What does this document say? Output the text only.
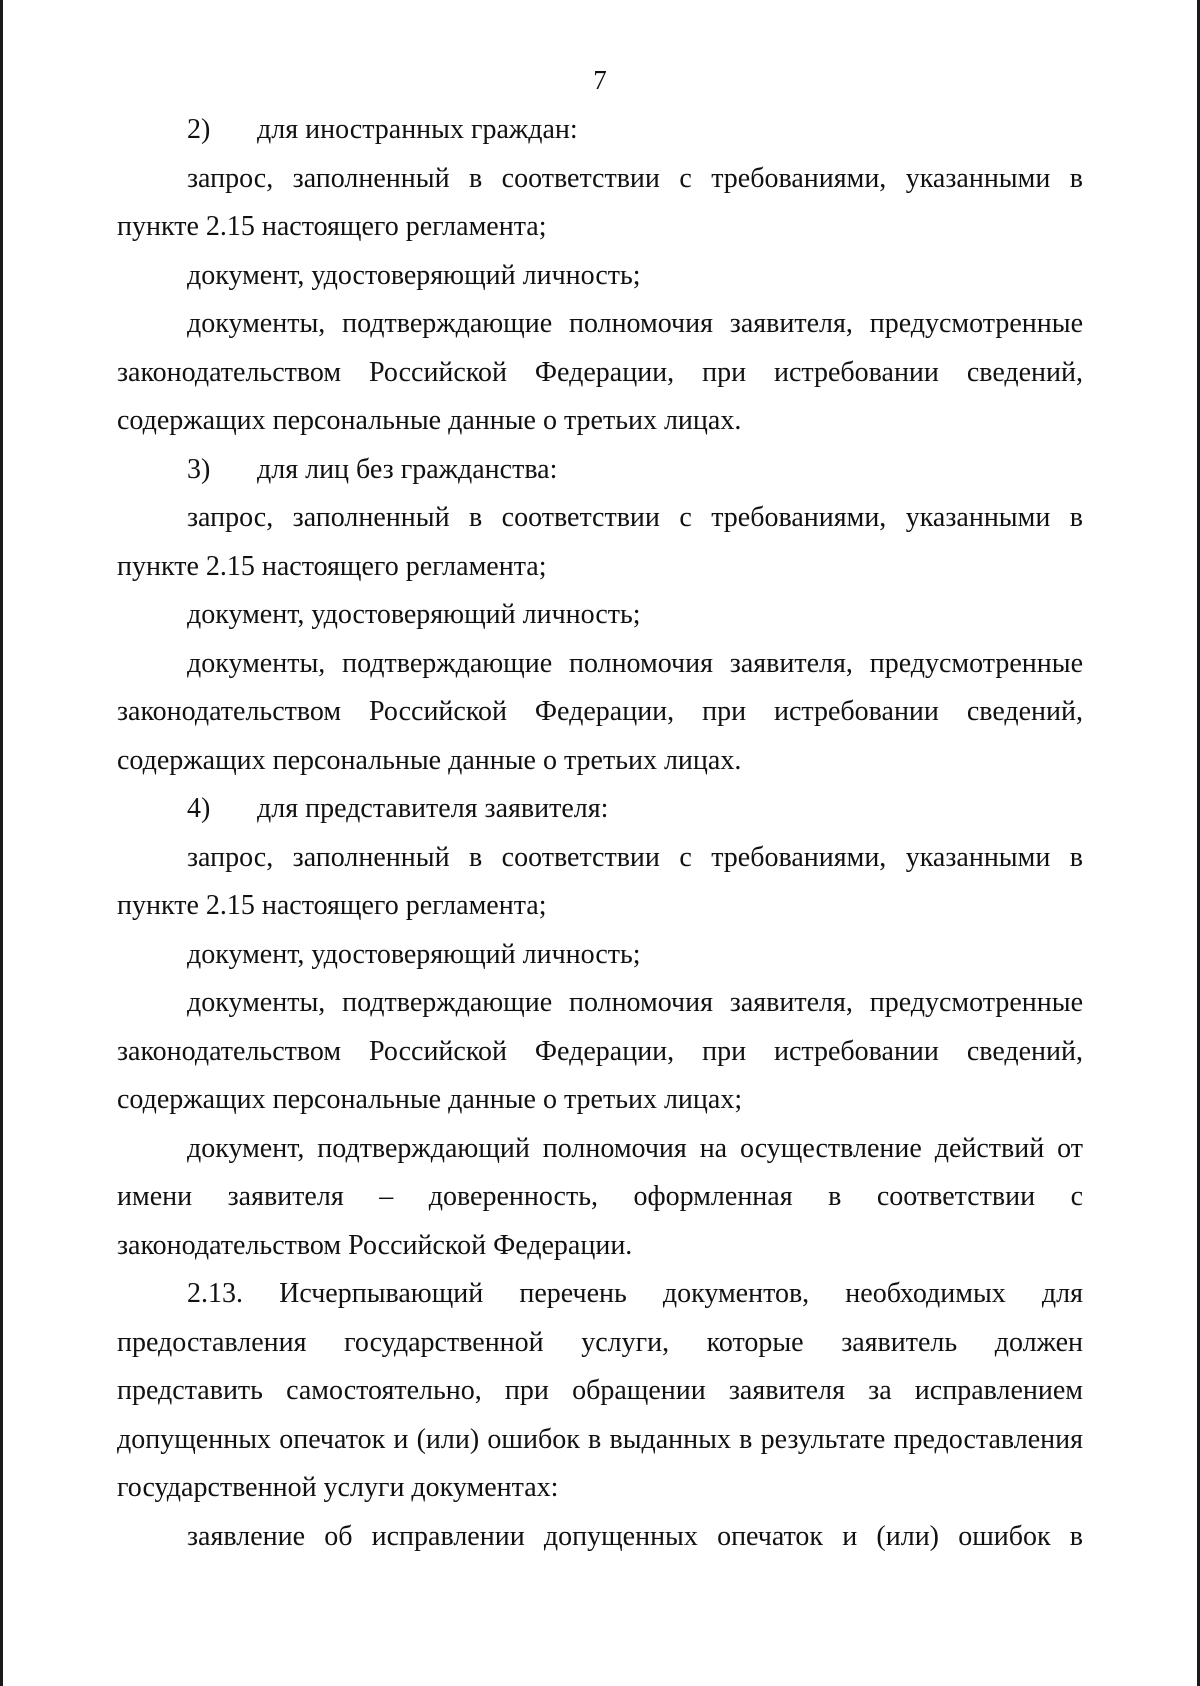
7

2) для иностранных граждан:

запрос, заполненный в соответствии с требованиями, указанными в пункте 2.15 настоящего регламента;

документ, удостоверяющий личность;

документы, подтверждающие полномочия заявителя, предусмотренные законодательством Российской Федерации, при истребовании сведений, содержащих персональные данные о третьих лицах.

3) для лиц без гражданства:

запрос, заполненный в соответствии с требованиями, указанными в пункте 2.15 настоящего регламента;

документ, удостоверяющий личность;

документы, подтверждающие полномочия заявителя, предусмотренные законодательством Российской Федерации, при истребовании сведений, содержащих персональные данные о третьих лицах.

4) для представителя заявителя:

запрос, заполненный в соответствии с требованиями, указанными в пункте 2.15 настоящего регламента;

документ, удостоверяющий личность;

документы, подтверждающие полномочия заявителя, предусмотренные законодательством Российской Федерации, при истребовании сведений, содержащих персональные данные о третьих лицах;

документ, подтверждающий полномочия на осуществление действий от имени заявителя – доверенность, оформленная в соответствии с законодательством Российской Федерации.

2.13. Исчерпывающий перечень документов, необходимых для предоставления государственной услуги, которые заявитель должен представить самостоятельно, при обращении заявителя за исправлением допущенных опечаток и (или) ошибок в выданных в результате предоставления государственной услуги документах:

заявление об исправлении допущенных опечаток и (или) ошибок в
